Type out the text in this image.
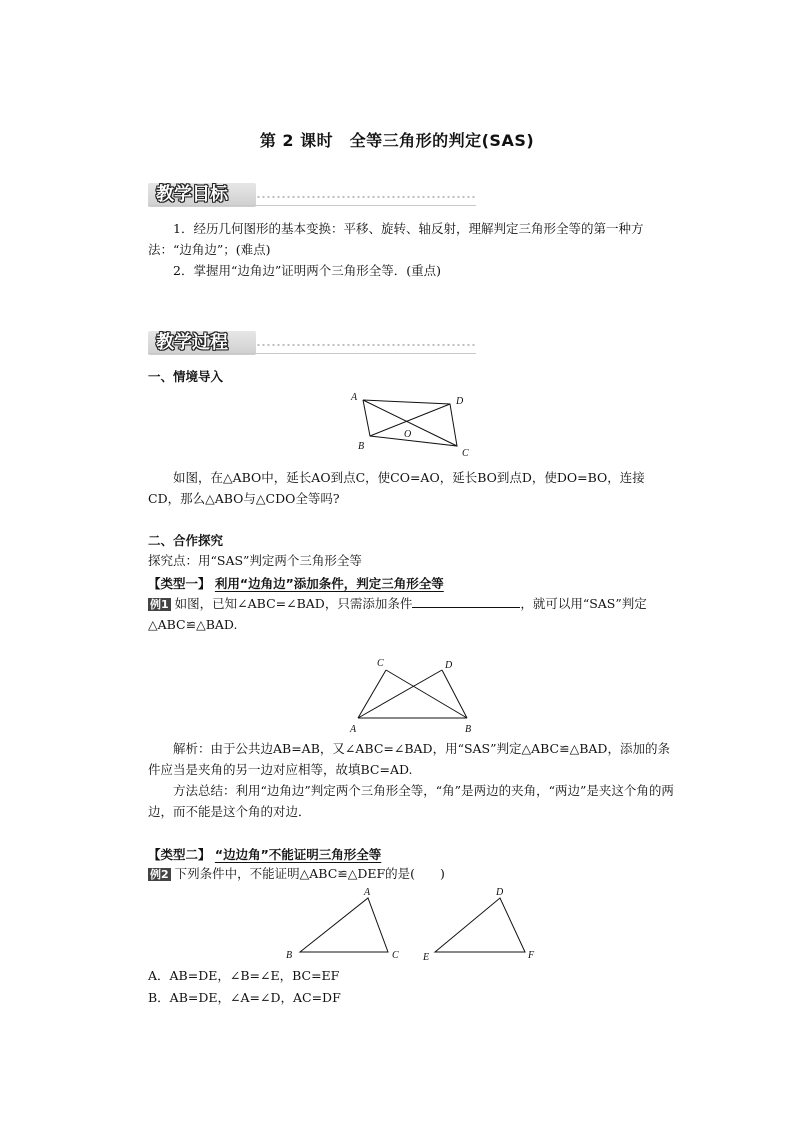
第 2 课时　全等三角形的判定(SAS)
教学目标
1．经历几何图形的基本变换：平移、旋转、轴反射，理解判定三角形全等的第一种方法：“边角边”；(难点)
2．掌握用“边角边”证明两个三角形全等．(重点)
教学过程
一、情境导入
A
B
O
D
C
如图，在△ABO中，延长AO到点C，使CO=AO，延长BO到点D，使DO=BO，连接CD，那么△ABO与△CDO全等吗?
二、合作探究
探究点：用“SAS”判定两个三角形全等
【类型一】 利用“边角边”添加条件，判定三角形全等
例1 如图，已知∠ABC=∠BAD，只需添加条件	，就可以用“SAS”判定△ABC≌△BAD.
C	D
A	B
解析：由于公共边AB=AB，又∠ABC=∠BAD，用“SAS”判定△ABC≌△BAD，添加的条件应当是夹角的另一边对应相等，故填BC=AD.
方法总结：利用“边角边”判定两个三角形全等，“角”是两边的夹角，“两边”是夹这个角的两边，而不能是这个角的对边．
【类型二】 “边边角”不能证明三角形全等
例2 下列条件中，不能证明△ABC≌△DEF的是(　　)
A
B	C
D
E	F
A．AB=DE，∠B=∠E，BC=EF
B．AB=DE，∠A=∠D，AC=DF
